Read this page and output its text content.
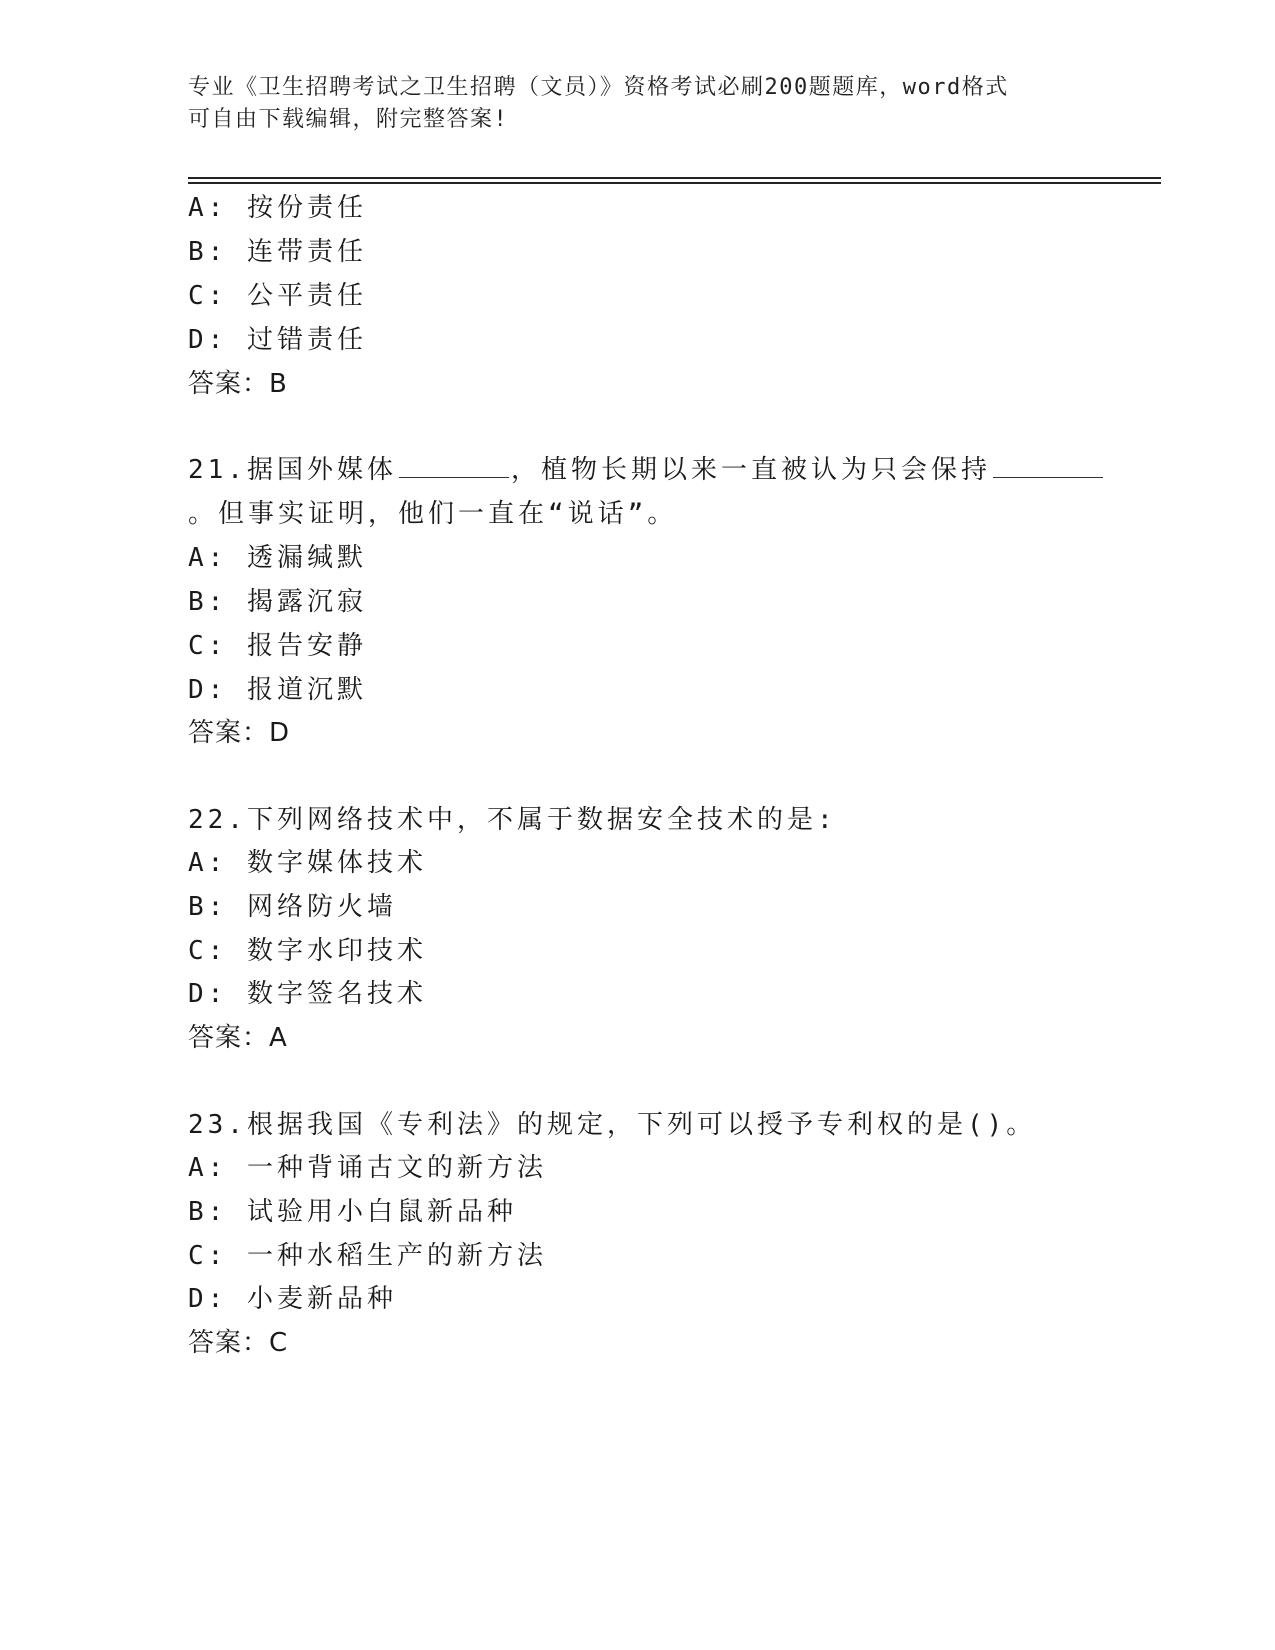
专业《卫生招聘考试之卫生招聘（文员）》资格考试必刷200题题库，word格式
可自由下载编辑，附完整答案!
A: 按份责任
B: 连带责任
C: 公平责任
D: 过错责任
答案：B
21.据国外媒体	，植物长期以来一直被认为只会保持
。但事实证明，他们一直在“说话”。
A: 透漏缄默
B: 揭露沉寂
C: 报告安静
D: 报道沉默
答案：D
22.下列网络技术中，不属于数据安全技术的是:
A: 数字媒体技术
B: 网络防火墙
C: 数字水印技术
D: 数字签名技术
答案：A
23.根据我国《专利法》的规定，下列可以授予专利权的是()。
A: 一种背诵古文的新方法
B: 试验用小白鼠新品种
C: 一种水稻生产的新方法
D: 小麦新品种
答案：C
